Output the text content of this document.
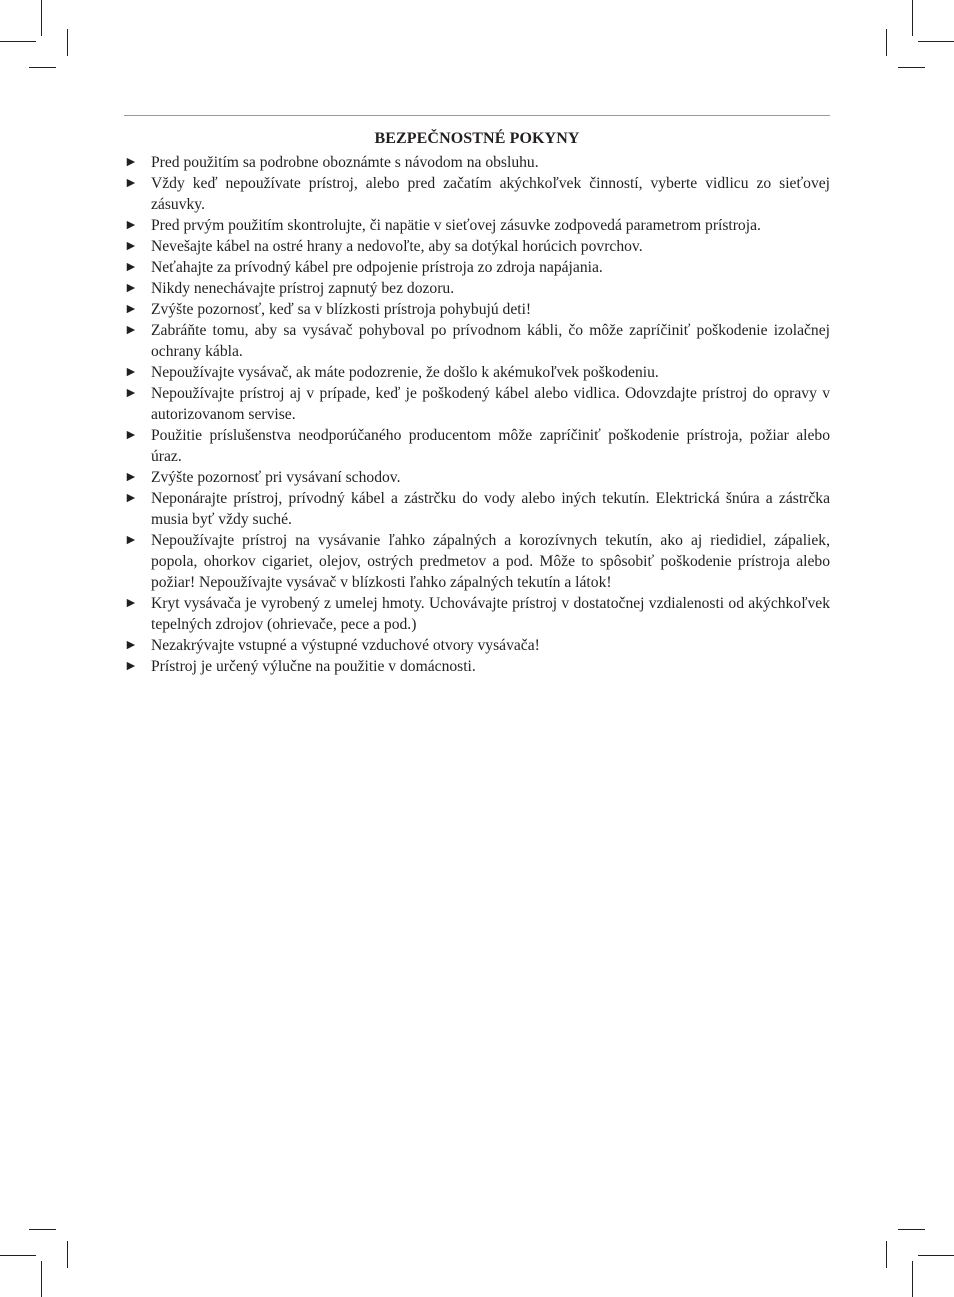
BEZPEČNOSTNÉ POKYNY
► Pred použitím sa podrobne oboznámte s návodom na obsluhu.
► Vždy keď nepoužívate prístroj, alebo pred začatím akýchkoľvek činností, vyberte vidlicu zo sieťovej zásuvky.
► Pred prvým použitím skontrolujte, či napätie v sieťovej zásuvke zodpovedá parametrom prístroja.
► Nevešajte kábel na ostré hrany a nedovoľte, aby sa dotýkal horúcich povrchov.
► Neťahajte za prívodný kábel pre odpojenie prístroja zo zdroja napájania.
► Nikdy nenechávajte prístroj zapnutý bez dozoru.
► Zvýšte pozornosť, keď sa v blízkosti prístroja pohybujú deti!
► Zabráňte tomu, aby sa vysávač pohyboval po prívodnom kábli, čo môže zapríčiniť poškodenie izolačnej ochrany kábla.
► Nepoužívajte vysávač, ak máte podozrenie, že došlo k akémukoľvek poškodeniu.
► Nepoužívajte prístroj aj v prípade, keď je poškodený kábel alebo vidlica. Odovzdajte prístroj do opravy v autorizovanom servise.
► Použitie príslušenstva neodporúčaného producentom môže zapríčiniť poškodenie prístroja, požiar alebo úraz.
► Zvýšte pozornosť pri vysávaní schodov.
► Neponárajte prístroj, prívodný kábel a zástrčku do vody alebo iných tekutín. Elektrická šnúra a zástrčka musia byť vždy suché.
► Nepoužívajte prístroj na vysávanie ľahko zápalných a korozívnych tekutín, ako aj riedidiel, zápaliek, popola, ohorkov cigariet, olejov, ostrých predmetov a pod. Môže to spôsobiť poškodenie prístroja alebo požiar! Nepoužívajte vysávač v blízkosti ľahko zápalných tekutín a látok!
► Kryt vysávača je vyrobený z umelej hmoty. Uchovávajte prístroj v dostatočnej vzdialenosti od akýchkoľvek tepelných zdrojov (ohrievače, pece a pod.)
► Nezakrývajte vstupné a výstupné vzduchové otvory vysávača!
► Prístroj je určený výlučne na použitie v domácnosti.
